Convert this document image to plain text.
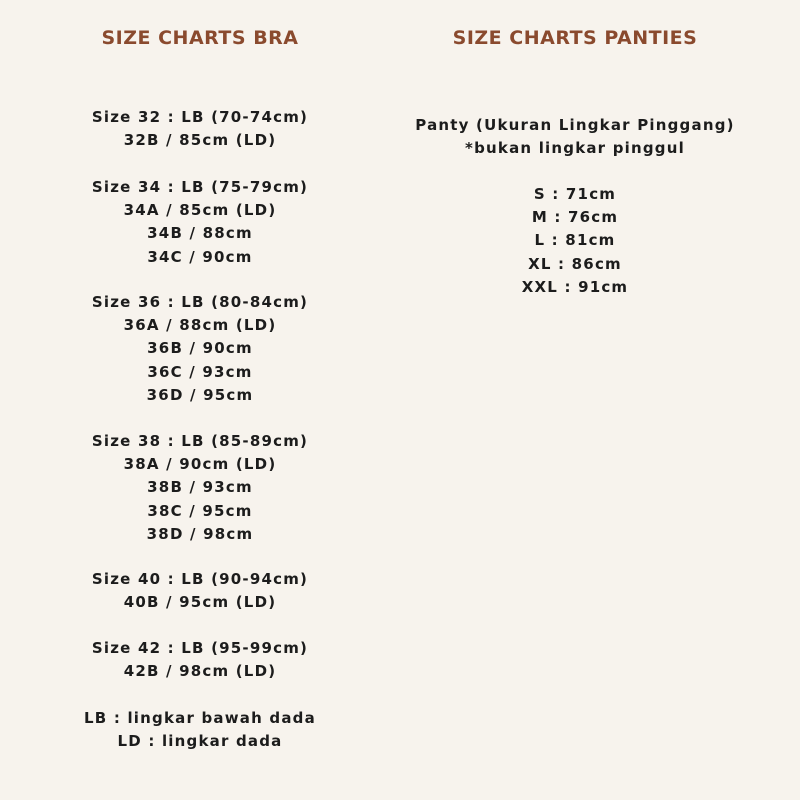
SIZE CHARTS BRA
Size 32 : LB (70-74cm)
32B / 85cm (LD)
Size 34 : LB (75-79cm)
34A / 85cm (LD)
34B / 88cm
34C / 90cm
Size 36 : LB (80-84cm)
36A / 88cm (LD)
36B / 90cm
36C / 93cm
36D / 95cm
Size 38 : LB (85-89cm)
38A / 90cm (LD)
38B / 93cm
38C / 95cm
38D / 98cm
Size 40 : LB (90-94cm)
40B / 95cm (LD)
Size 42 : LB (95-99cm)
42B / 98cm (LD)
LB : lingkar bawah dada
LD : lingkar dada
SIZE CHARTS PANTIES
Panty (Ukuran Lingkar Pinggang)
*bukan lingkar pinggul
S : 71cm
M : 76cm
L : 81cm
XL : 86cm
XXL : 91cm
